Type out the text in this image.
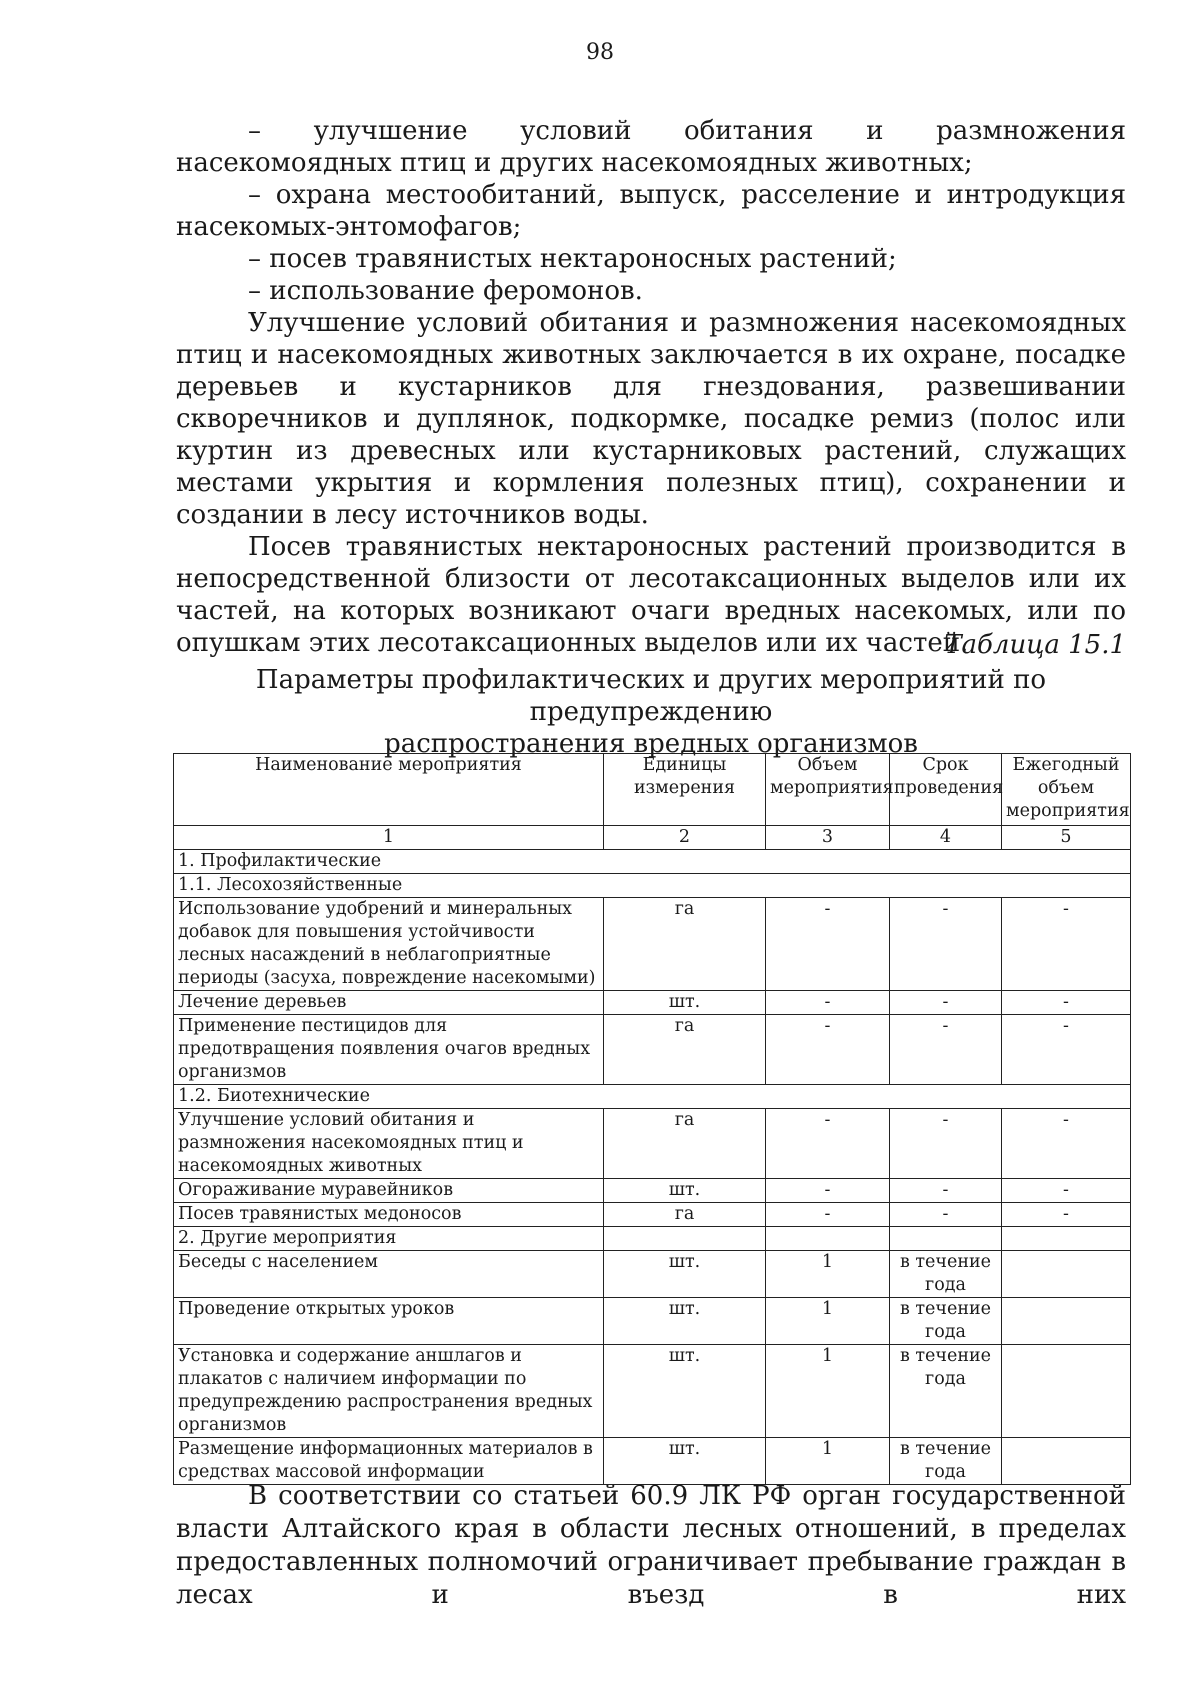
98

– улучшение условий обитания и размножения насекомоядных птиц и других насекомоядных животных;

– охрана местообитаний, выпуск, расселение и интродукция насекомых-энтомофагов;

– посев травянистых нектароносных растений;

– использование феромонов.

Улучшение условий обитания и размножения насекомоядных птиц и насекомоядных животных заключается в их охране, посадке деревьев и кустарников для гнездования, развешивании скворечников и дуплянок, подкормке, посадке ремиз (полос или куртин из древесных или кустарниковых растений, служащих местами укрытия и кормления полезных птиц), сохранении и создании в лесу источников воды.

Посев травянистых нектароносных растений производится в непосредственной близости от лесотаксационных выделов или их частей, на которых возникают очаги вредных насекомых, или по опушкам этих лесотаксационных выделов или их частей.

Таблица 15.1
Параметры профилактических и других мероприятий по предупреждению
распространения вредных организмов
Наименование мероприятия	Единицы измерения	Объем мероприятия	Срок проведения	Ежегодный объем мероприятия
1	2	3	4	5
1. Профилактические				
1.1. Лесохозяйственные				
Использование удобрений и минеральных добавок для повышения устойчивости лесных насаждений в неблагоприятные периоды (засуха, повреждение насекомыми)	га	-	-	-
Лечение деревьев	шт.	-	-	-
Применение пестицидов для предотвращения появления очагов вредных организмов	га	-	-	-
1.2. Биотехнические				
Улучшение условий обитания и размножения насекомоядных птиц и насекомоядных животных	га	-	-	-
Огораживание муравейников	шт.	-	-	-
Посев травянистых медоносов	га	-	-	-
2. Другие мероприятия				
Беседы с населением	шт.	1	в течение года	
Проведение открытых уроков	шт.	1	в течение года	
Установка и содержание аншлагов и плакатов с наличием информации по предупреждению распространения вредных организмов	шт.	1	в течение года	
Размещение информационных материалов в средствах массовой информации	шт.	1	в течение года	

В соответствии со статьей 60.9 ЛК РФ орган государственной власти Алтайского края в области лесных отношений, в пределах предоставленных полномочий ограничивает пребывание граждан в лесах и въезд в них
